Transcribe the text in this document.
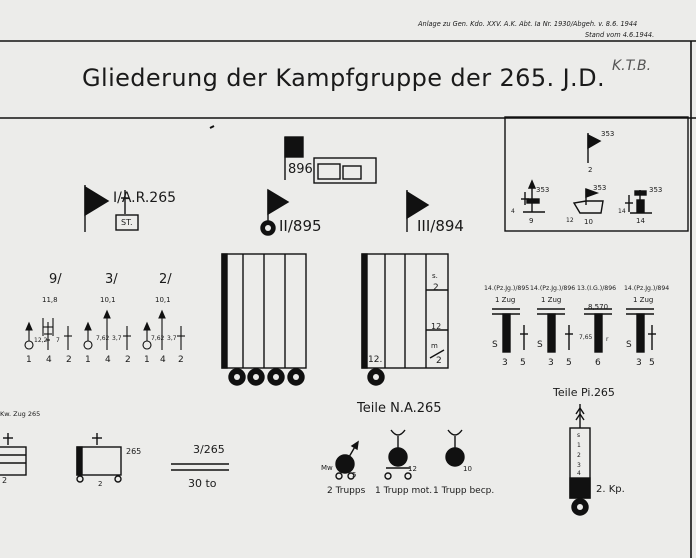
Anlage zu Gen. Kdo. XXV. A.K. Abt. Ia Nr. 1930/Abgeh. v. 8.6. 1944
Stand vom 4.6.1944.
K.T.B.
Gliederung der Kampfgruppe der 265. J.D.
896
I/A.R.265
ST.
9/	3/	2/
11,8
12,2 7
10,1
7,62 3,7
10,1
7,62 3,7
1 4 2 1 4 2 1 4 2
II/895	III/894
s.
2
12
m
2
12.
353
2
353
4
9
353
12 10
353
14
14
14.(Pz.Jg.)/895 14.(Pz.Jg.)/896 13.(I.G.)/896 14.(Pz.Jg.)/894
1 Zug	1 Zug
8,570
1 Zug
S	S	S
7,65 r
3 5 3 5	6	3 5
Kw. Zug 265
2
265
2
3/265
30 to
Teile N.A.265
Mw
5
12	10
2 Trupps 1 Trupp mot. 1 Trupp bесp.
Teile Pi.265
s
1
2
3
4
2. Kp.
